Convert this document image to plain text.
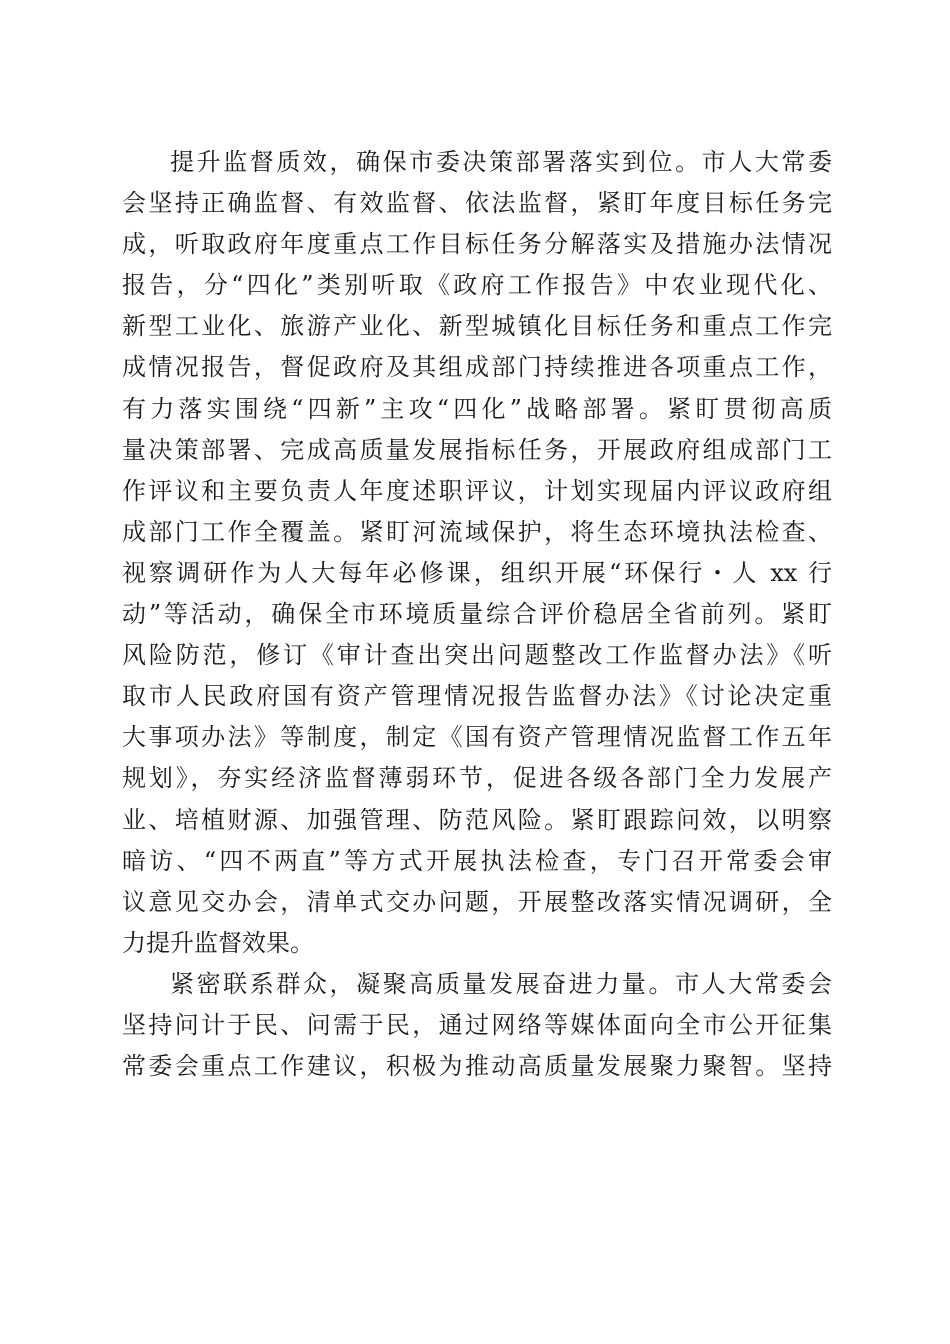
提升监督质效，确保市委决策部署落实到位。市人大常委
会坚持正确监督、有效监督、依法监督，紧盯年度目标任务完
成，听取政府年度重点工作目标任务分解落实及措施办法情况
报告，分“四化”类别听取《政府工作报告》中农业现代化、
新型工业化、旅游产业化、新型城镇化目标任务和重点工作完
成情况报告，督促政府及其组成部门持续推进各项重点工作，
有力落实围绕“四新”主攻“四化”战略部署。紧盯贯彻高质
量决策部署、完成高质量发展指标任务，开展政府组成部门工
作评议和主要负责人年度述职评议，计划实现届内评议政府组
成部门工作全覆盖。紧盯河流域保护，将生态环境执法检查、
视察调研作为人大每年必修课，组织开展“环保行・人 xx 行
动”等活动，确保全市环境质量综合评价稳居全省前列。紧盯
风险防范，修订《审计查出突出问题整改工作监督办法》《听
取市人民政府国有资产管理情况报告监督办法》《讨论决定重
大事项办法》等制度，制定《国有资产管理情况监督工作五年
规划》，夯实经济监督薄弱环节，促进各级各部门全力发展产
业、培植财源、加强管理、防范风险。紧盯跟踪问效，以明察
暗访、“四不两直”等方式开展执法检查，专门召开常委会审
议意见交办会，清单式交办问题，开展整改落实情况调研，全
力提升监督效果。
紧密联系群众，凝聚高质量发展奋进力量。市人大常委会
坚持问计于民、问需于民，通过网络等媒体面向全市公开征集
常委会重点工作建议，积极为推动高质量发展聚力聚智。坚持
